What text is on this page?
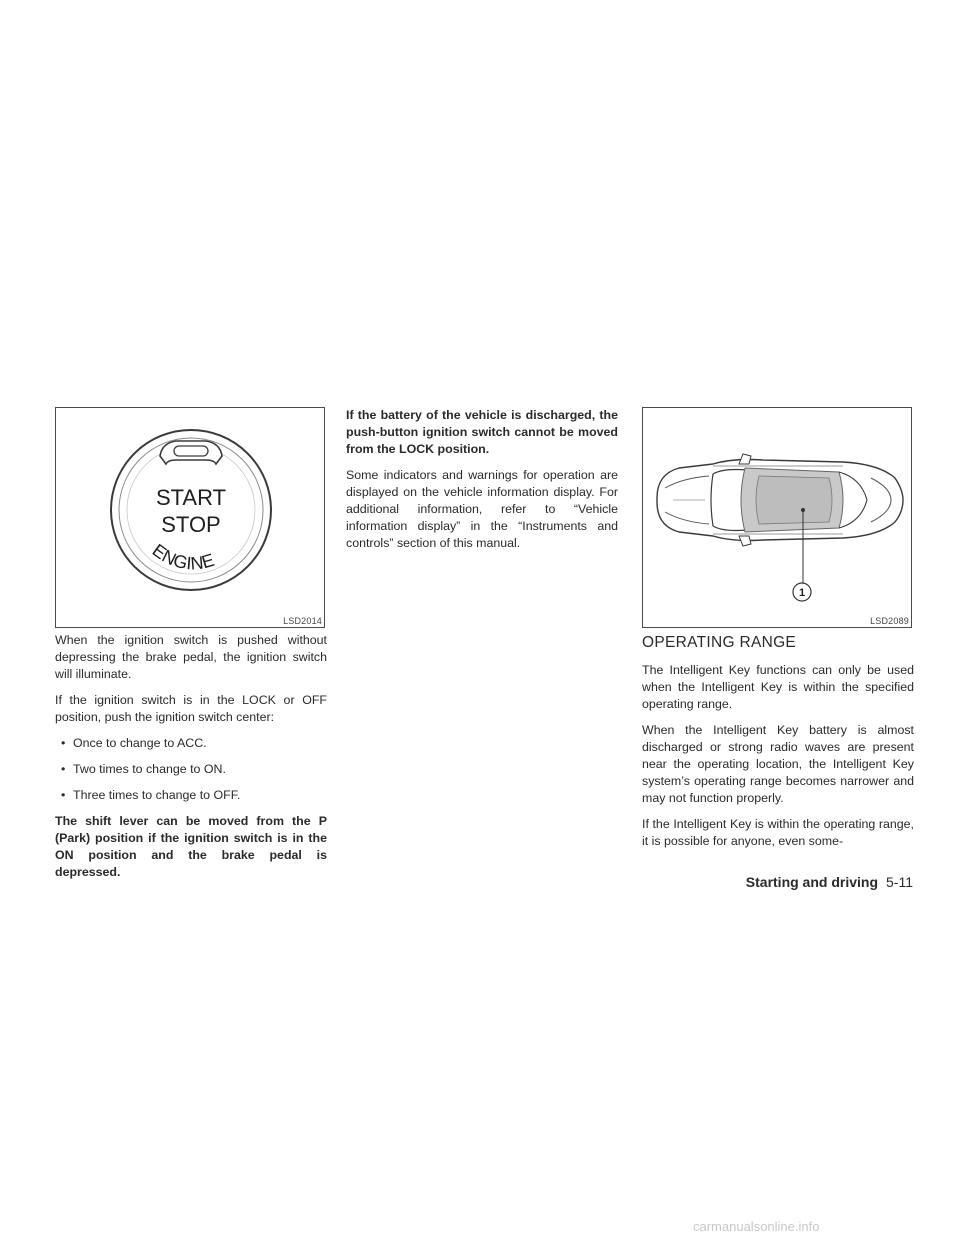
START
STOP
ENGINE
LSD2014

When the ignition switch is pushed without depressing the brake pedal, the ignition switch will illuminate.

If the ignition switch is in the LOCK or OFF position, push the ignition switch center:

• Once to change to ACC.
• Two times to change to ON.
• Three times to change to OFF.

The shift lever can be moved from the P (Park) position if the ignition switch is in the ON position and the brake pedal is depressed.

If the battery of the vehicle is discharged, the push-button ignition switch cannot be moved from the LOCK position.

Some indicators and warnings for operation are displayed on the vehicle information display. For additional information, refer to “Vehicle information display” in the “Instruments and controls” section of this manual.

1
LSD2089
OPERATING RANGE

The Intelligent Key functions can only be used when the Intelligent Key is within the specified operating range.

When the Intelligent Key battery is almost discharged or strong radio waves are present near the operating location, the Intelligent Key system’s operating range becomes narrower and may not function properly.

If the Intelligent Key is within the operating range, it is possible for anyone, even some-

Starting and driving 5-11
carmanualsonline.info
